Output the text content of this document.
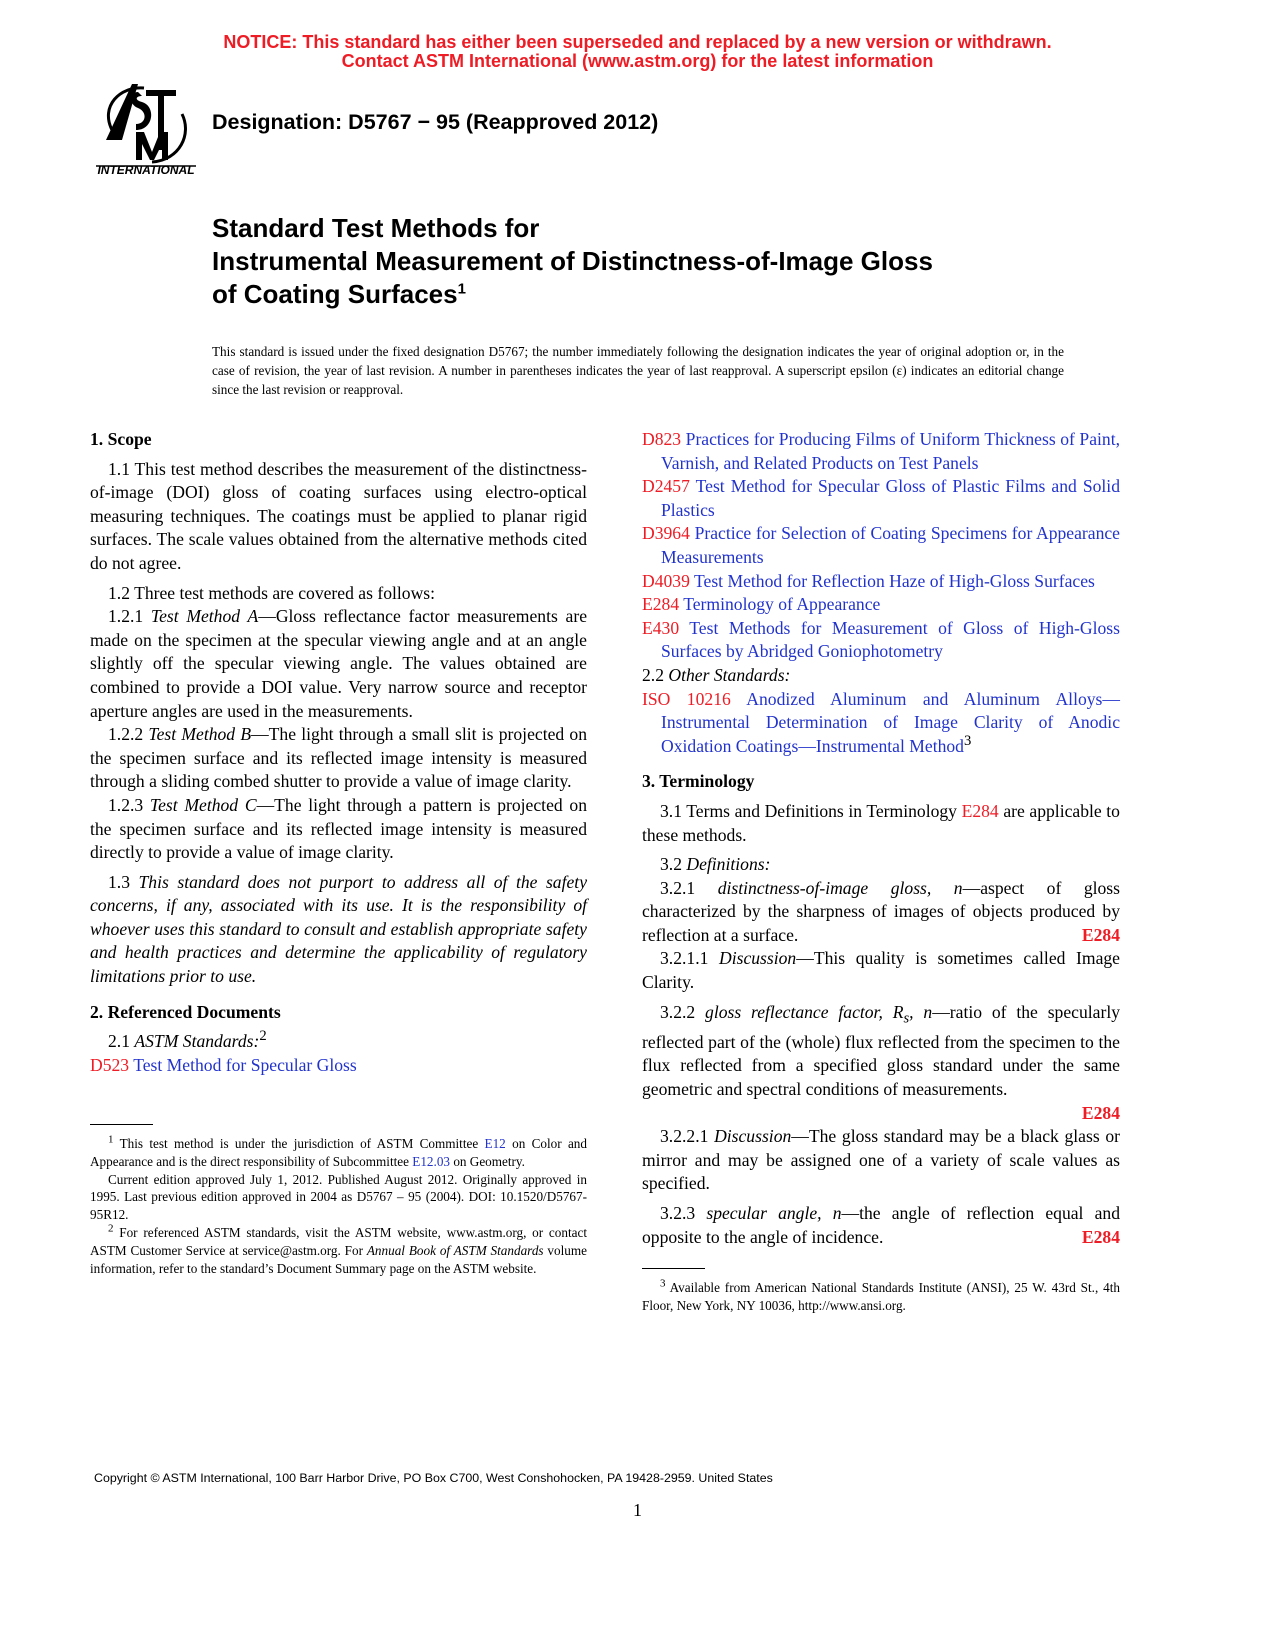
NOTICE: This standard has either been superseded and replaced by a new version or withdrawn.
Contact ASTM International (www.astm.org) for the latest information
INTERNATIONAL
Designation: D5767 − 95 (Reapproved 2012)
Standard Test Methods for
Instrumental Measurement of Distinctness-of-Image Gloss
of Coating Surfaces$^1$
This standard is issued under the fixed designation D5767; the number immediately following the designation indicates the year of original adoption or, in the case of revision, the year of last revision. A number in parentheses indicates the year of last reapproval. A superscript epsilon (ε) indicates an editorial change since the last revision or reapproval.

1. Scope

1.1 This test method describes the measurement of the distinctness-of-image (DOI) gloss of coating surfaces using electro-optical measuring techniques. The coatings must be applied to planar rigid surfaces. The scale values obtained from the alternative methods cited do not agree.

1.2 Three test methods are covered as follows:

1.2.1 Test Method A—Gloss reflectance factor measurements are made on the specimen at the specular viewing angle and at an angle slightly off the specular viewing angle. The values obtained are combined to provide a DOI value. Very narrow source and receptor aperture angles are used in the measurements.

1.2.2 Test Method B—The light through a small slit is projected on the specimen surface and its reflected image intensity is measured through a sliding combed shutter to provide a value of image clarity.

1.2.3 Test Method C—The light through a pattern is projected on the specimen surface and its reflected image intensity is measured directly to provide a value of image clarity.

1.3 This standard does not purport to address all of the safety concerns, if any, associated with its use. It is the responsibility of whoever uses this standard to consult and establish appropriate safety and health practices and determine the applicability of regulatory limitations prior to use.

2. Referenced Documents

2.1 ASTM Standards:$^2$

D523 Test Method for Specular Gloss

$^1$ This test method is under the jurisdiction of ASTM Committee E12 on Color and Appearance and is the direct responsibility of Subcommittee E12.03 on Geometry.

Current edition approved July 1, 2012. Published August 2012. Originally approved in 1995. Last previous edition approved in 2004 as D5767 – 95 (2004). DOI: 10.1520/D5767-95R12.

$^2$ For referenced ASTM standards, visit the ASTM website, www.astm.org, or contact ASTM Customer Service at service@astm.org. For Annual Book of ASTM Standards volume information, refer to the standard’s Document Summary page on the ASTM website.

D823 Practices for Producing Films of Uniform Thickness of Paint, Varnish, and Related Products on Test Panels

D2457 Test Method for Specular Gloss of Plastic Films and Solid Plastics

D3964 Practice for Selection of Coating Specimens for Appearance Measurements

D4039 Test Method for Reflection Haze of High-Gloss Surfaces

E284 Terminology of Appearance

E430 Test Methods for Measurement of Gloss of High-Gloss Surfaces by Abridged Goniophotometry

2.2 Other Standards:

ISO 10216 Anodized Aluminum and Aluminum Alloys—Instrumental Determination of Image Clarity of Anodic Oxidation Coatings—Instrumental Method$^3$

3. Terminology

3.1 Terms and Definitions in Terminology E284 are applicable to these methods.

3.2 Definitions:

3.2.1 distinctness-of-image gloss, n—aspect of gloss characterized by the sharpness of images of objects produced by reflection at a surface.	E284

3.2.1.1 Discussion—This quality is sometimes called Image Clarity.

3.2.2 gloss reflectance factor, $R_s$, n—ratio of the specularly reflected part of the (whole) flux reflected from the specimen to the flux reflected from a specified gloss standard under the same geometric and spectral conditions of measurements.
E284

3.2.2.1 Discussion—The gloss standard may be a black glass or mirror and may be assigned one of a variety of scale values as specified.

3.2.3 specular angle, n—the angle of reflection equal and opposite to the angle of incidence.	E284

$^3$ Available from American National Standards Institute (ANSI), 25 W. 43rd St., 4th Floor, New York, NY 10036, http://www.ansi.org.

Copyright © ASTM International, 100 Barr Harbor Drive, PO Box C700, West Conshohocken, PA 19428-2959. United States
1
